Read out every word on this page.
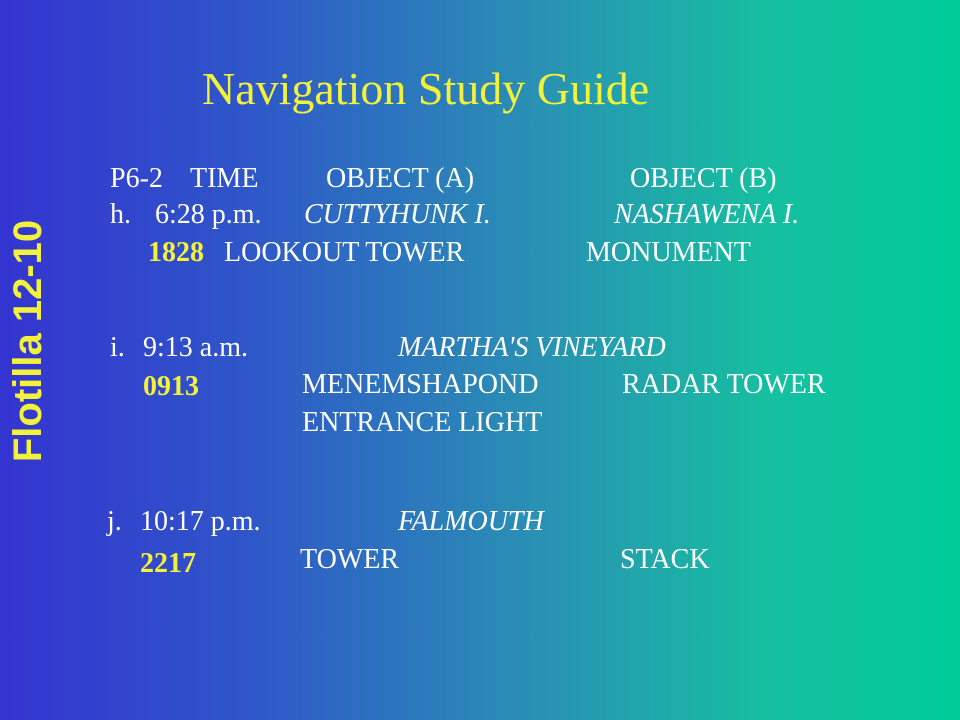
Navigation Study Guide
Flotilla 12-10
P6-2 TIME OBJECT (A)	OBJECT (B)
h. 6:28 p.m. CUTTYHUNK I.	NASHAWENA I.
1828 LOOKOUT TOWER	MONUMENT
i. 9:13 a.m.	MARTHA'S VINEYARD
0913	MENEMSHAPOND	RADAR TOWER
ENTRANCE LIGHT
j. 10:17 p.m.	FALMOUTH
2217	TOWER	STACK
